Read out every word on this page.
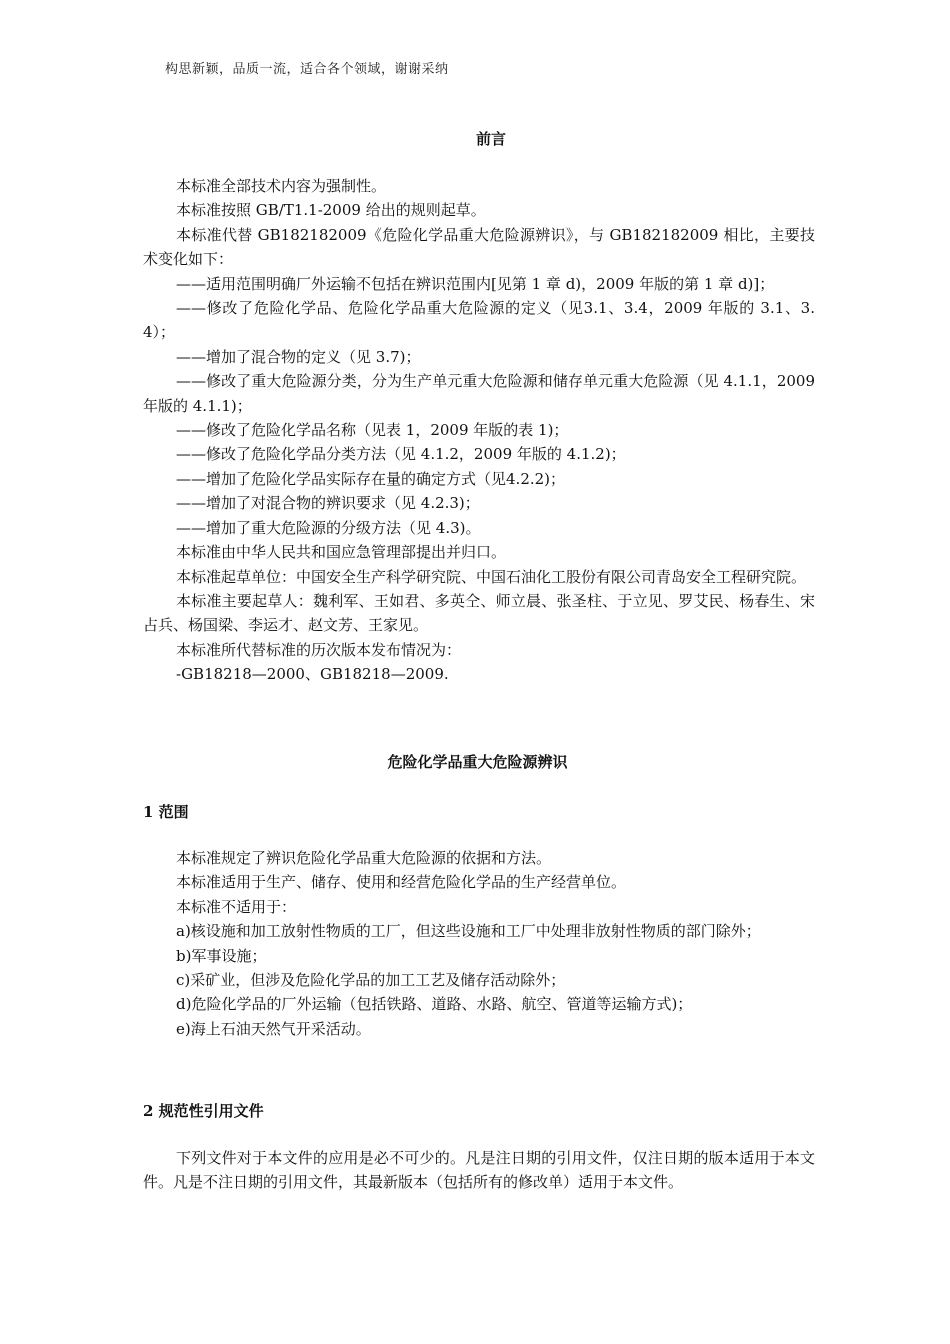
构思新颖，品质一流，适合各个领域，谢谢采纳
前言

本标准全部技术内容为强制性。

本标准按照 GB/T1.1-2009 给出的规则起草。

本标准代替 GB182182009《危险化学品重大危险源辨识》，与 GB182182009 相比，主要技术变化如下：

——适用范围明确厂外运输不包括在辨识范围内[见第 1 章 d)，2009 年版的第 1 章 d)]；

——修改了危险化学品、危险化学品重大危险源的定义（见3.1、3.4，2009 年版的 3.1、3.4）；

——增加了混合物的定义（见 3.7)；

——修改了重大危险源分类，分为生产单元重大危险源和储存单元重大危险源（见 4.1.1，2009 年版的 4.1.1)；

——修改了危险化学品名称（见表 1，2009 年版的表 1)；

——修改了危险化学品分类方法（见 4.1.2，2009 年版的 4.1.2)；

——增加了危险化学品实际存在量的确定方式（见4.2.2)；

——增加了对混合物的辨识要求（见 4.2.3)；

——增加了重大危险源的分级方法（见 4.3)。

本标准由中华人民共和国应急管理部提出并归口。

本标准起草单位：中国安全生产科学研究院、中国石油化工股份有限公司青岛安全工程研究院。

本标准主要起草人：魏利军、王如君、多英仝、师立晨、张圣柱、于立见、罗艾民、杨春生、宋占兵、杨国梁、李运才、赵文芳、王家见。

本标准所代替标准的历次版本发布情况为：

-GB18218—2000、GB18218—2009.

危险化学品重大危险源辨识
1 范围

本标准规定了辨识危险化学品重大危险源的依据和方法。

本标准适用于生产、储存、使用和经营危险化学品的生产经营单位。

本标准不适用于：

a)核设施和加工放射性物质的工厂，但这些设施和工厂中处理非放射性物质的部门除外；

b)军事设施；

c)采矿业，但涉及危险化学品的加工工艺及储存活动除外；

d)危险化学品的厂外运输（包括铁路、道路、水路、航空、管道等运输方式)；

e)海上石油天然气开采活动。

2 规范性引用文件

下列文件对于本文件的应用是必不可少的。凡是注日期的引用文件，仅注日期的版本适用于本文件。凡是不注日期的引用文件，其最新版本（包括所有的修改单）适用于本文件。
